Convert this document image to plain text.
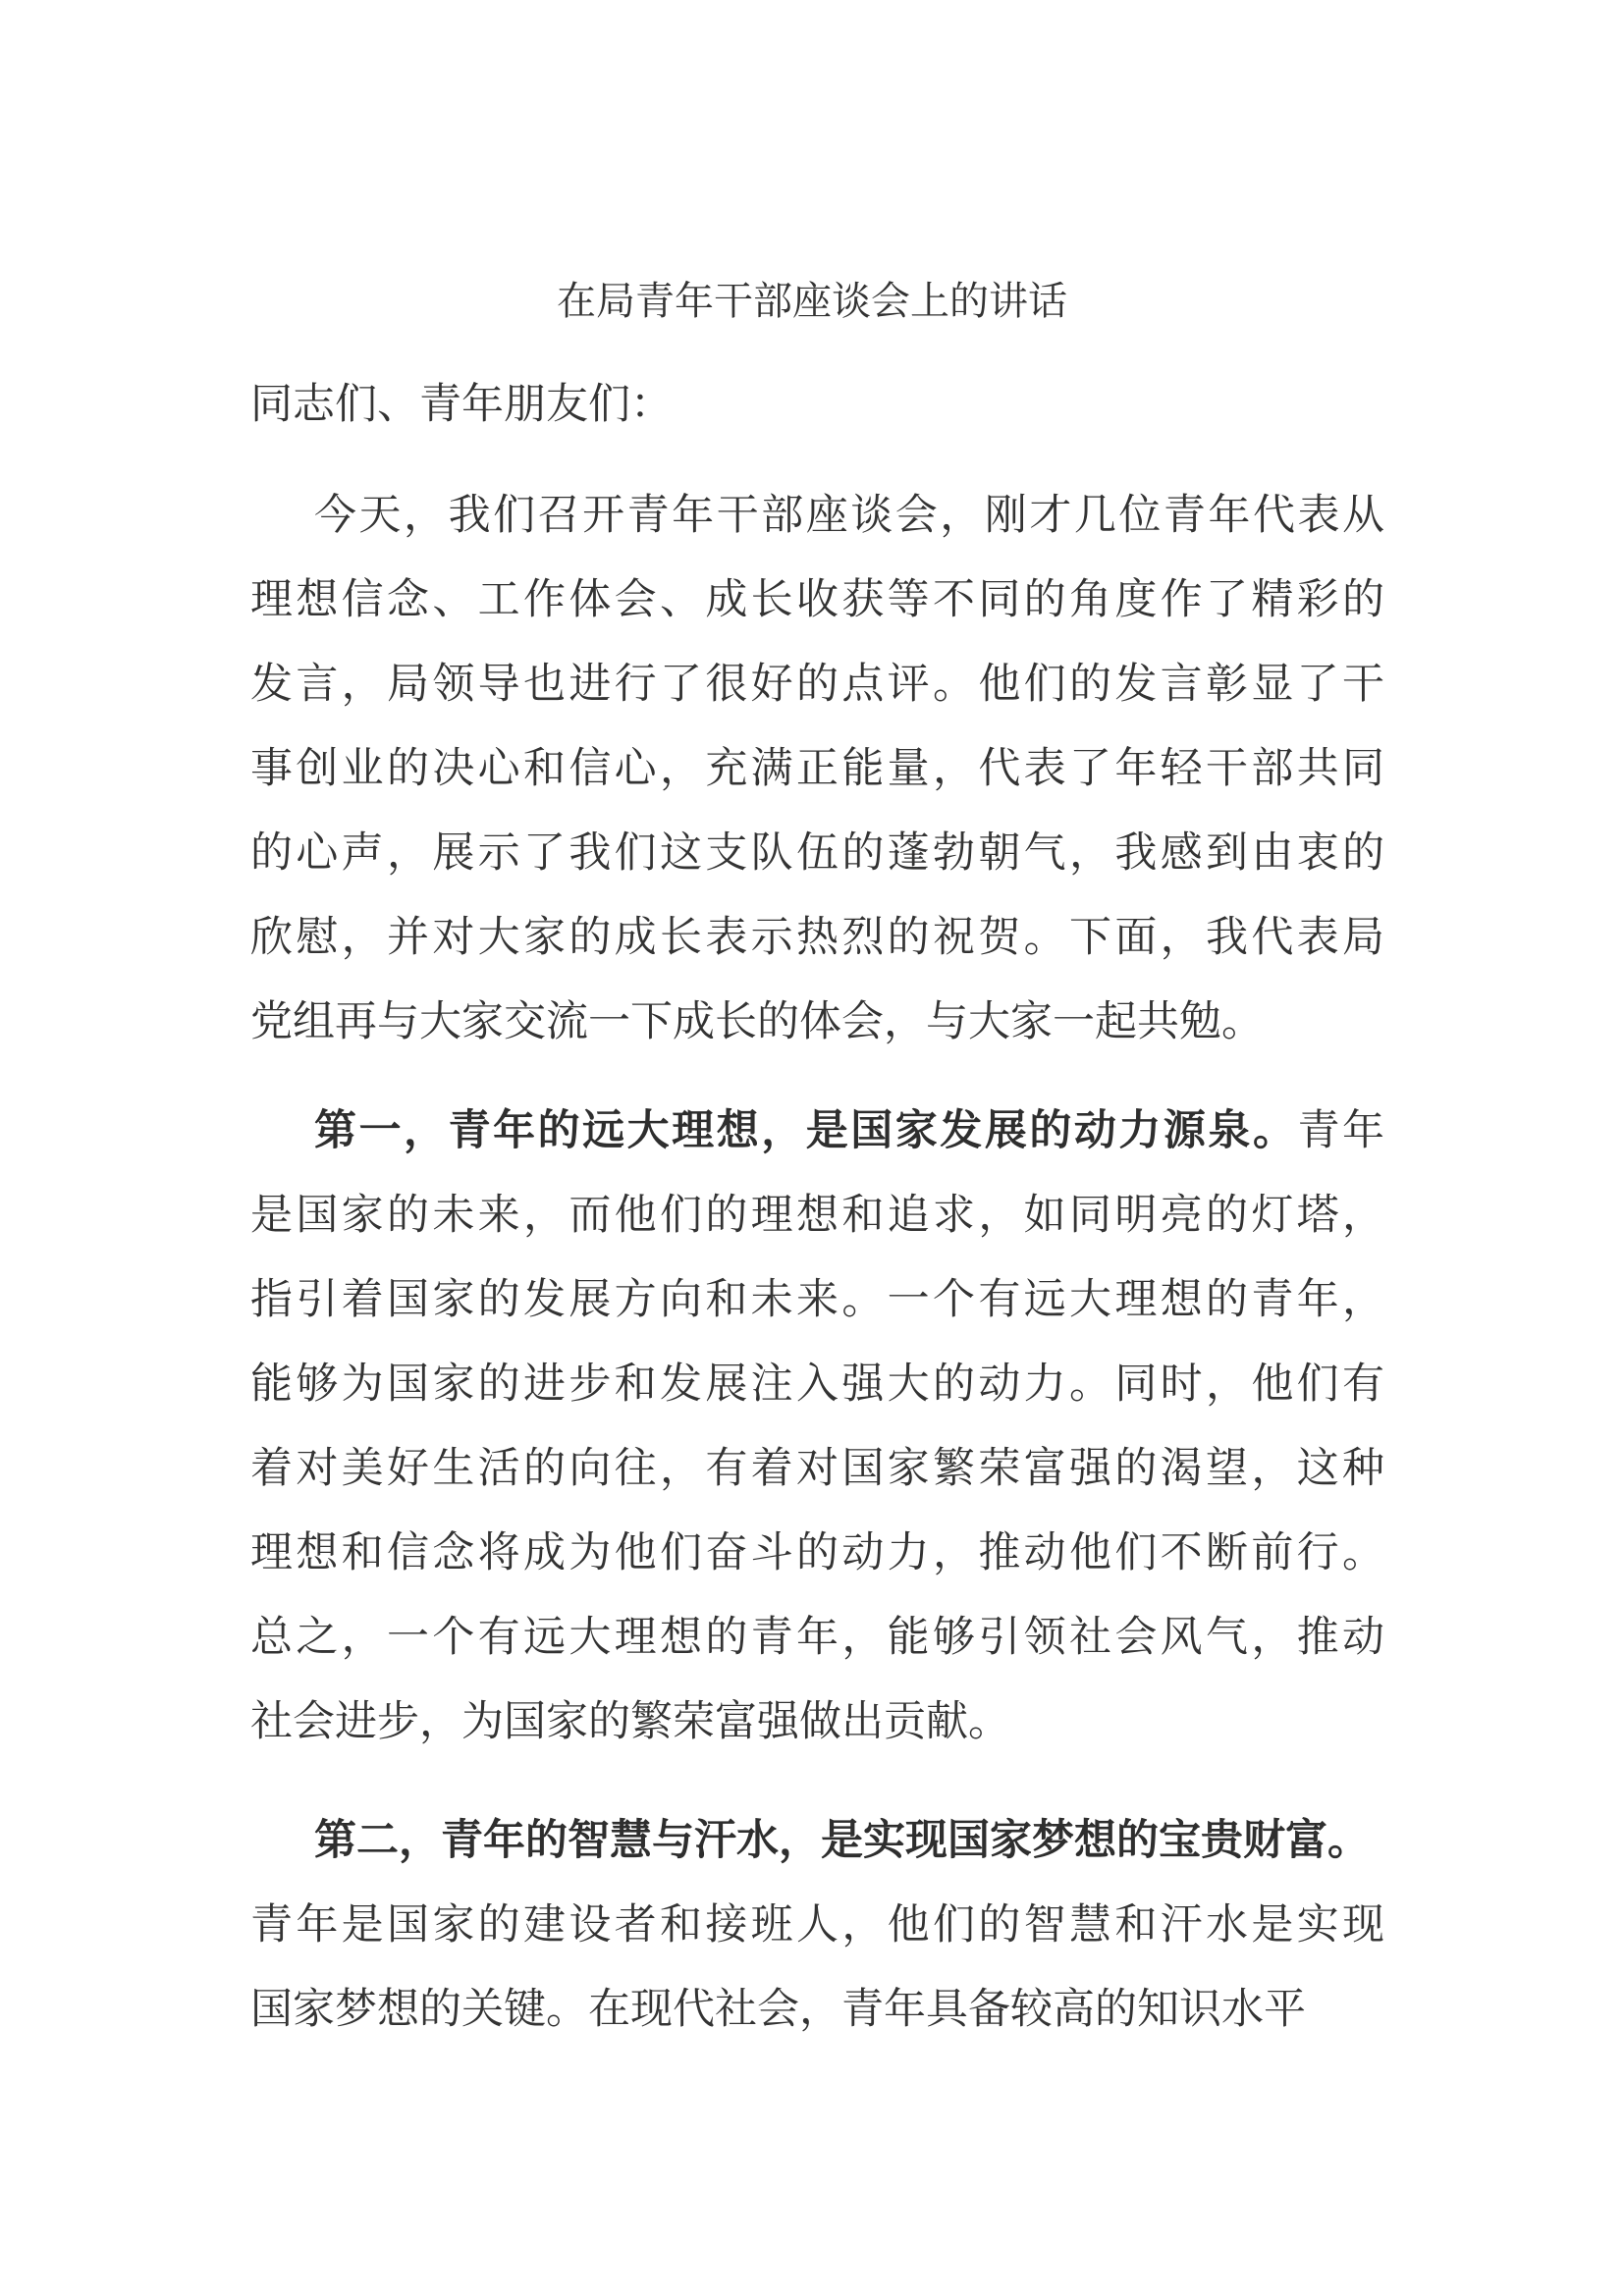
在局青年干部座谈会上的讲话
同志们、青年朋友们：
今天，我们召开青年干部座谈会，刚才几位青年代表从
理想信念、工作体会、成长收获等不同的角度作了精彩的
发言，局领导也进行了很好的点评。他们的发言彰显了干
事创业的决心和信心，充满正能量，代表了年轻干部共同
的心声，展示了我们这支队伍的蓬勃朝气，我感到由衷的
欣慰，并对大家的成长表示热烈的祝贺。下面，我代表局
党组再与大家交流一下成长的体会，与大家一起共勉。
第一，青年的远大理想，是国家发展的动力源泉。青年
是国家的未来，而他们的理想和追求，如同明亮的灯塔，
指引着国家的发展方向和未来。一个有远大理想的青年，
能够为国家的进步和发展注入强大的动力。同时，他们有
着对美好生活的向往，有着对国家繁荣富强的渴望，这种
理想和信念将成为他们奋斗的动力，推动他们不断前行。
总之，一个有远大理想的青年，能够引领社会风气，推动
社会进步，为国家的繁荣富强做出贡献。
第二，青年的智慧与汗水，是实现国家梦想的宝贵财富。
青年是国家的建设者和接班人，他们的智慧和汗水是实现
国家梦想的关键。在现代社会，青年具备较高的知识水平
